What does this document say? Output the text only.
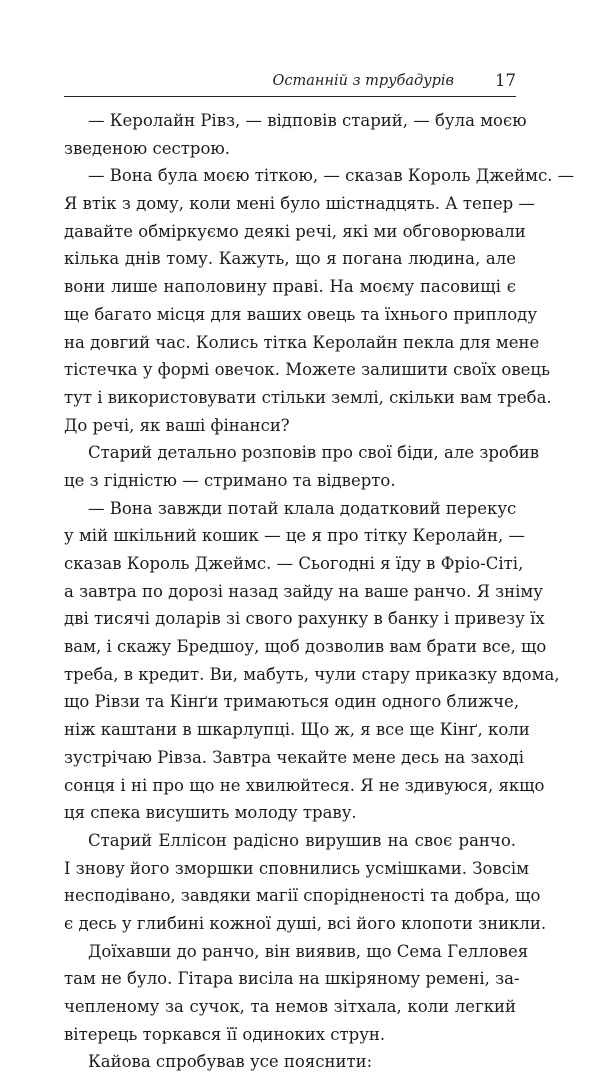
Останній з трубадурів 17
— Керолайн Рівз, — відповів старий, — була моєю
зведеною сестрою.
— Вона була моєю тіткою, — сказав Король Джеймс. —
Я втік з дому, коли мені було шістнадцять. А тепер —
давайте обміркуємо деякі речі, які ми обговорювали
кілька днів тому. Кажуть, що я погана людина, але
вони лише наполовину праві. На моєму пасовищі є
ще багато місця для ваших овець та їхнього приплоду
на довгий час. Колись тітка Керолайн пекла для мене
тістечка у формі овечок. Можете залишити своїх овець
тут і використовувати стільки землі, скільки вам треба.
До речі, як ваші фінанси?
Старий детально розповів про свої біди, але зробив
це з гідністю — стримано та відверто.
— Вона завжди потай клала додатковий перекус
у мій шкільний кошик — це я про тітку Керолайн, —
сказав Король Джеймс. — Сьогодні я їду в Фріо-Сіті,
а завтра по дорозі назад зайду на ваше ранчо. Я зніму
дві тисячі доларів зі свого рахунку в банку і привезу їх
вам, і скажу Бредшоу, щоб дозволив вам брати все, що
треба, в кредит. Ви, мабуть, чули стару приказку вдома,
що Рівзи та Кінґи тримаються один одного ближче,
ніж каштани в шкарлупці. Що ж, я все ще Кінґ, коли
зустрічаю Рівза. Завтра чекайте мене десь на заході
сонця і ні про що не хвилюйтеся. Я не здивуюся, якщо
ця спека висушить молоду траву.
Старий Еллісон радісно вирушив на своє ранчо.
І знову його зморшки сповнились усмішками. Зовсім
несподівано, завдяки магії спорідненості та добра, що
є десь у глибині кожної душі, всі його клопоти зникли.
Доїхавши до ранчо, він виявив, що Сема Гелловея
там не було. Гітара висіла на шкіряному ремені, за-
чепленому за сучок, та немов зітхала, коли легкий
вітерець торкався її одиноких струн.
Кайова спробував усе пояснити:
